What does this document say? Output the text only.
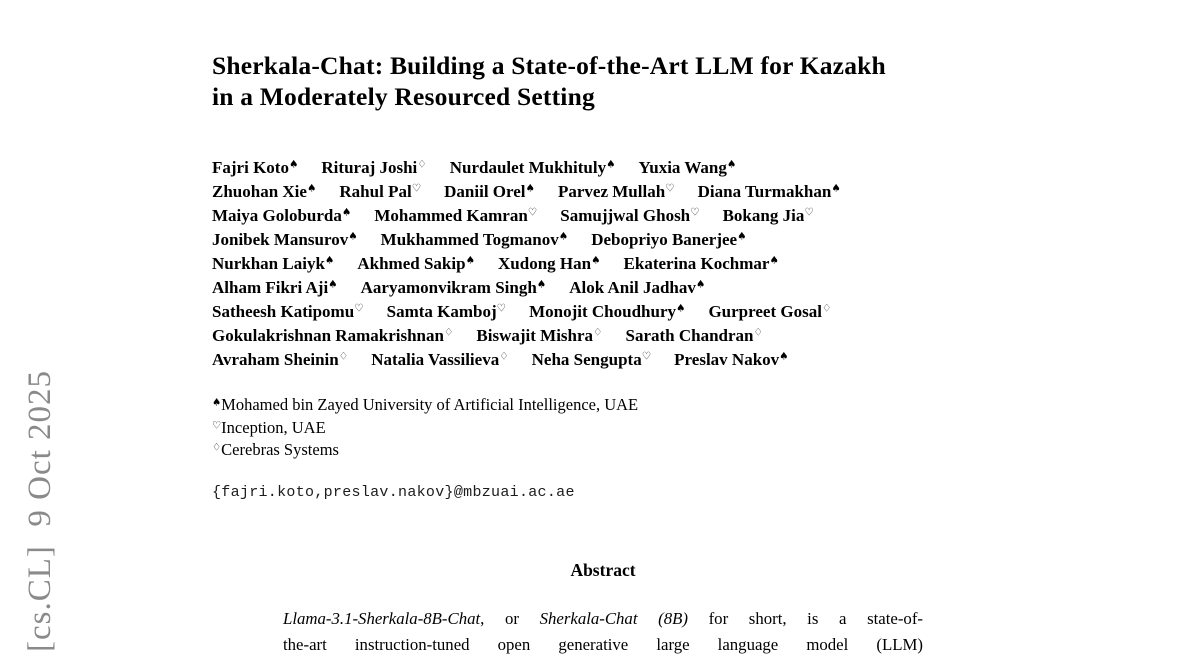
[cs.CL]  9 Oct 2025
Sherkala-Chat: Building a State-of-the-Art LLM for Kazakh
in a Moderately Resourced Setting
Fajri Koto♠ Rituraj Joshi♢ Nurdaulet Mukhituly♠ Yuxia Wang♠
Zhuohan Xie♠ Rahul Pal♡ Daniil Orel♠ Parvez Mullah♡ Diana Turmakhan♠
Maiya Goloburda♠ Mohammed Kamran♡ Samujjwal Ghosh♡ Bokang Jia♡
Jonibek Mansurov♠ Mukhammed Togmanov♠ Debopriyo Banerjee♠
Nurkhan Laiyk♠ Akhmed Sakip♠ Xudong Han♠ Ekaterina Kochmar♠
Alham Fikri Aji♠ Aaryamonvikram Singh♠ Alok Anil Jadhav♠
Satheesh Katipomu♡ Samta Kamboj♡ Monojit Choudhury♠ Gurpreet Gosal♢
Gokulakrishnan Ramakrishnan♢ Biswajit Mishra♢ Sarath Chandran♢
Avraham Sheinin♢ Natalia Vassilieva♢ Neha Sengupta♡ Preslav Nakov♠
♠Mohamed bin Zayed University of Artificial Intelligence, UAE
♡Inception, UAE
♢Cerebras Systems
{fajri.koto,preslav.nakov}@mbzuai.ac.ae
Abstract
Llama-3.1-Sherkala-8B-Chat, or Sherkala-Chat (8B) for short, is a state-of-
the-art instruction-tuned open generative large language model (LLM)
